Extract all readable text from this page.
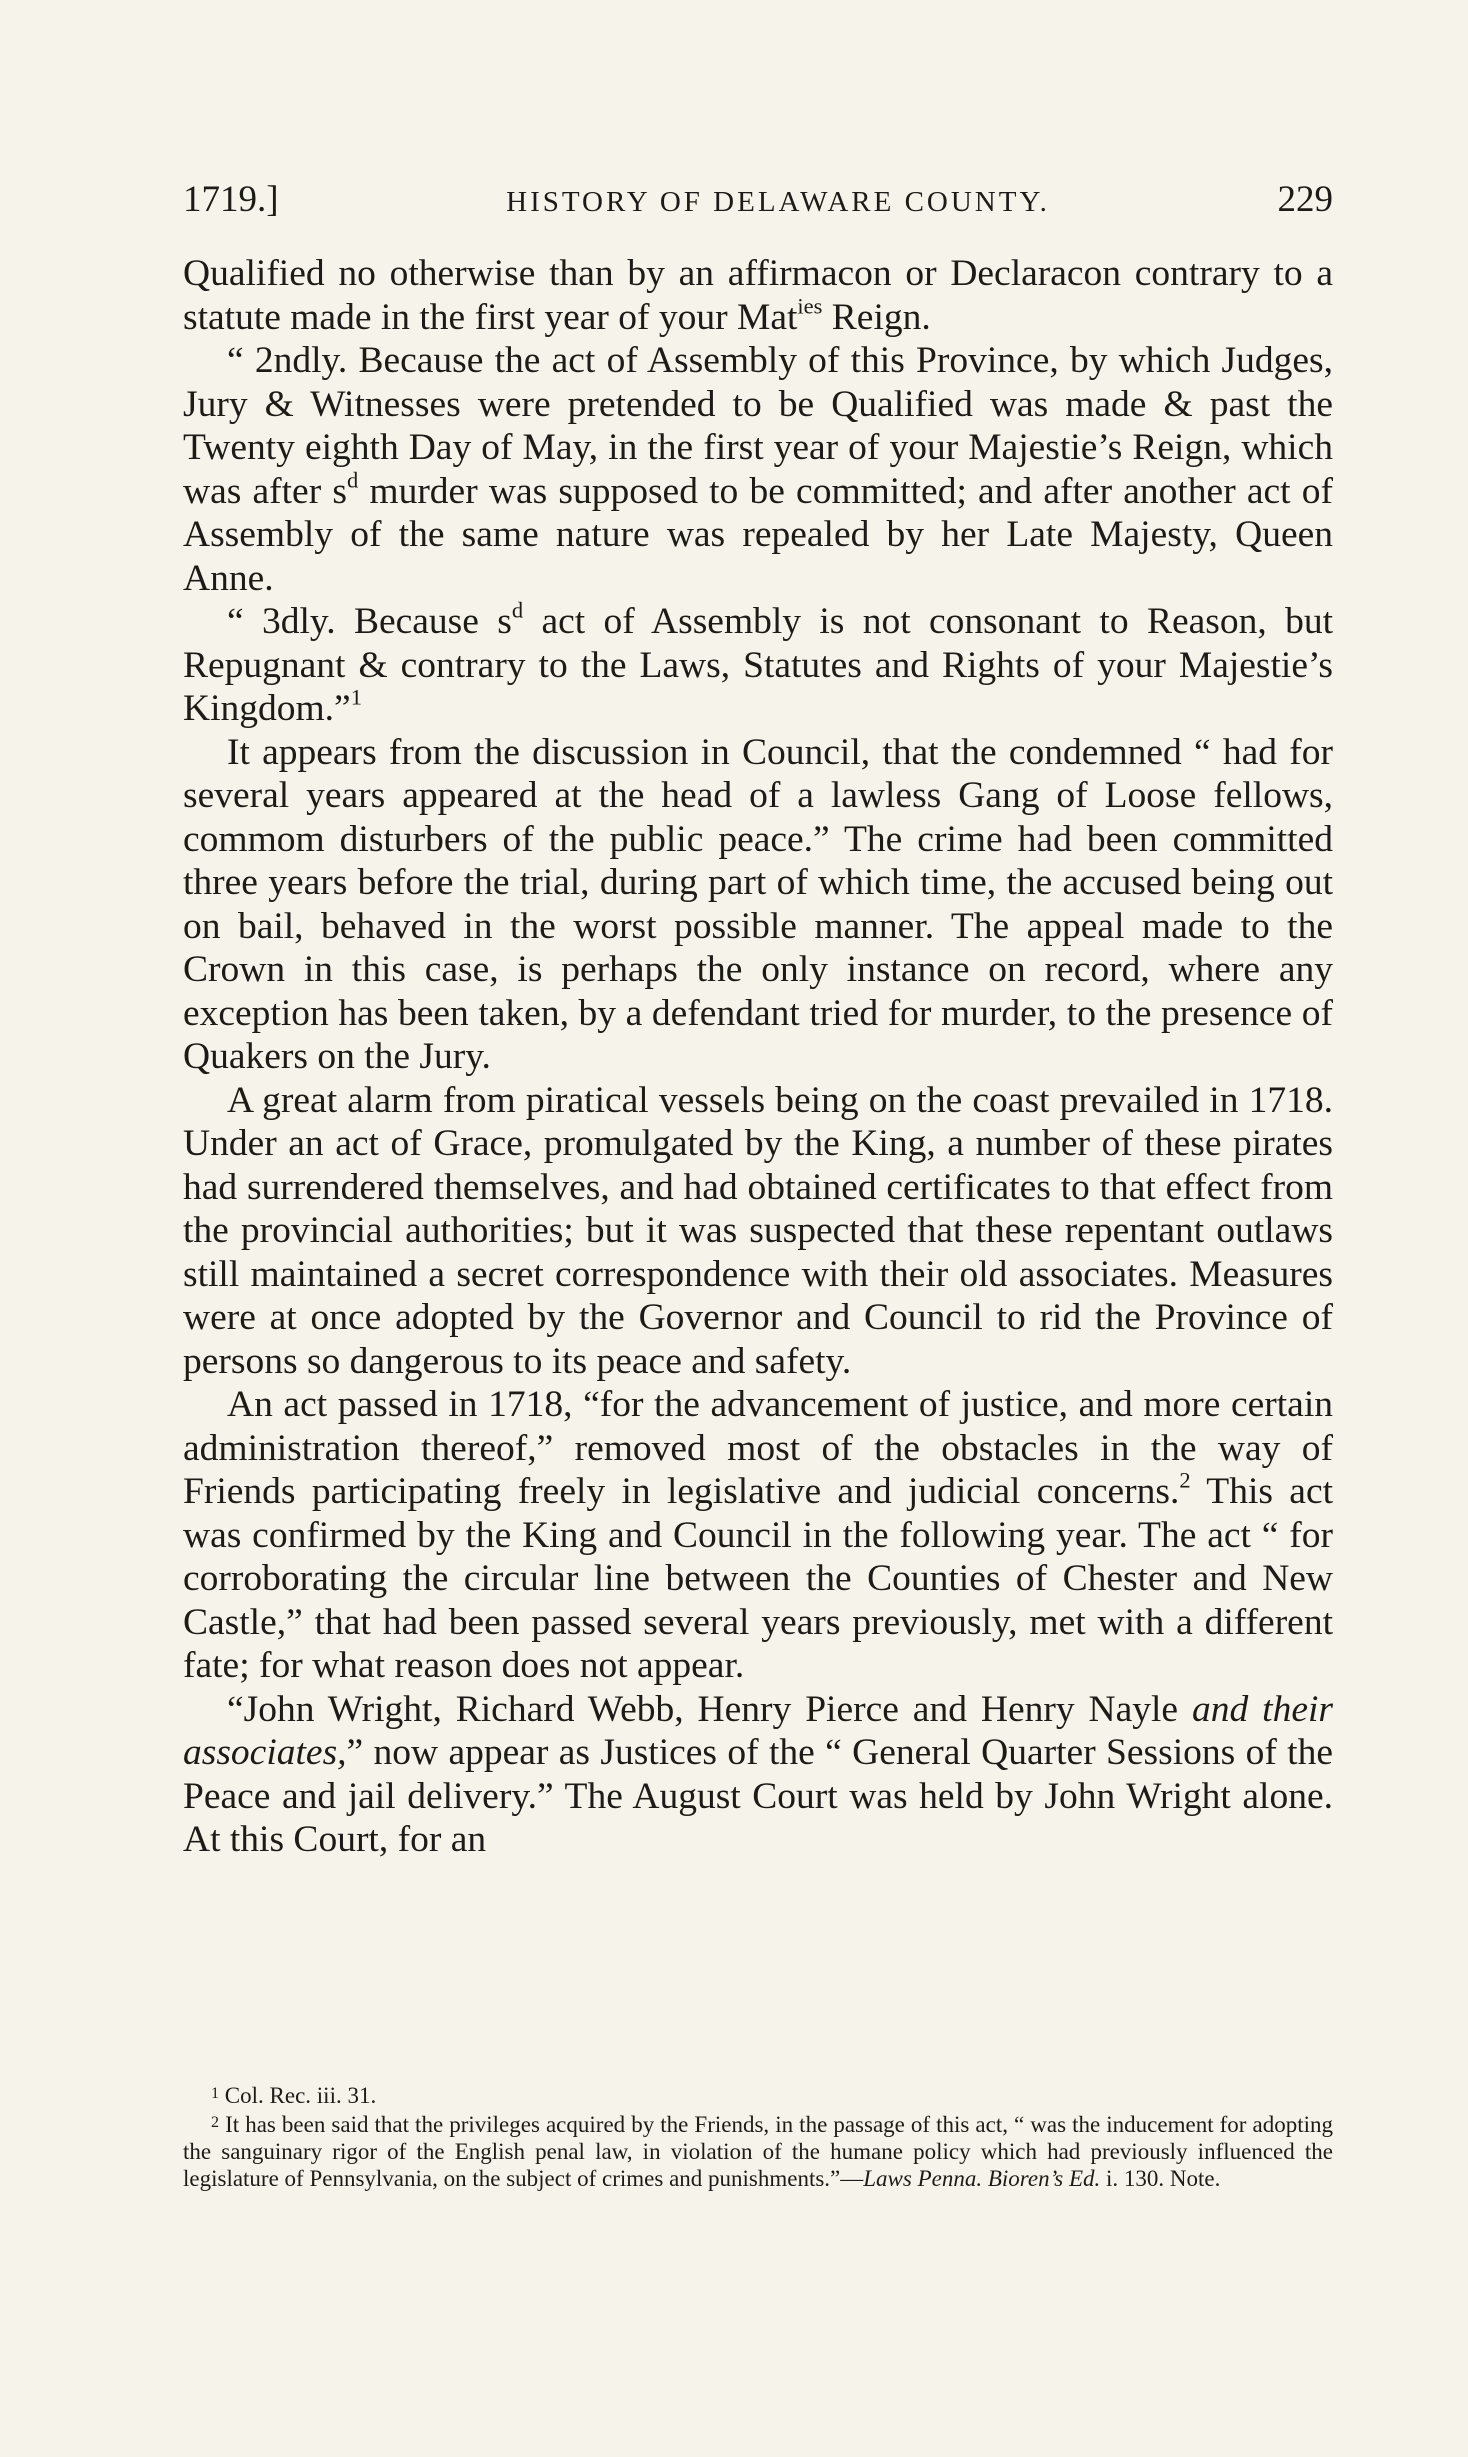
1719.]	HISTORY OF DELAWARE COUNTY.	229

Qualified no otherwise than by an affirmacon or Declaracon contrary to a statute made in the first year of your Mat$^{ies}$ Reign.

“ 2ndly. Because the act of Assembly of this Province, by which Judges, Jury & Witnesses were pretended to be Qualified was made & past the Twenty eighth Day of May, in the first year of your Majestie’s Reign, which was after $s^d$ murder was supposed to be committed; and after another act of Assembly of the same nature was repealed by her Late Majesty, Queen Anne.

“ 3dly. Because $s^d$ act of Assembly is not consonant to Reason, but Repugnant & contrary to the Laws, Statutes and Rights of your Majestie’s Kingdom.”$^1$

It appears from the discussion in Council, that the condemned “ had for several years appeared at the head of a lawless Gang of Loose fellows, commom disturbers of the public peace.” The crime had been committed three years before the trial, during part of which time, the accused being out on bail, behaved in the worst possible manner. The appeal made to the Crown in this case, is perhaps the only instance on record, where any exception has been taken, by a defendant tried for murder, to the presence of Quakers on the Jury.

A great alarm from piratical vessels being on the coast prevailed in 1718. Under an act of Grace, promulgated by the King, a number of these pirates had surrendered themselves, and had obtained certificates to that effect from the provincial authorities; but it was suspected that these repentant outlaws still maintained a secret correspondence with their old associates. Measures were at once adopted by the Governor and Council to rid the Province of persons so dangerous to its peace and safety.

An act passed in 1718, “for the advancement of justice, and more certain administration thereof,” removed most of the obstacles in the way of Friends participating freely in legislative and judicial concerns.$^2$ This act was confirmed by the King and Council in the following year. The act “ for corroborating the circular line between the Counties of Chester and New Castle,” that had been passed several years previously, met with a different fate; for what reason does not appear.

“John Wright, Richard Webb, Henry Pierce and Henry Nayle and their associates,” now appear as Justices of the “ General Quarter Sessions of the Peace and jail delivery.” The August Court was held by John Wright alone. At this Court, for an

$^1$ Col. Rec. iii. 31.

$^2$ It has been said that the privileges acquired by the Friends, in the passage of this act, “ was the inducement for adopting the sanguinary rigor of the English penal law, in violation of the humane policy which had previously influenced the legislature of Pennsylvania, on the subject of crimes and punishments.”—Laws Penna. Bioren’s Ed. i. 130. Note.
